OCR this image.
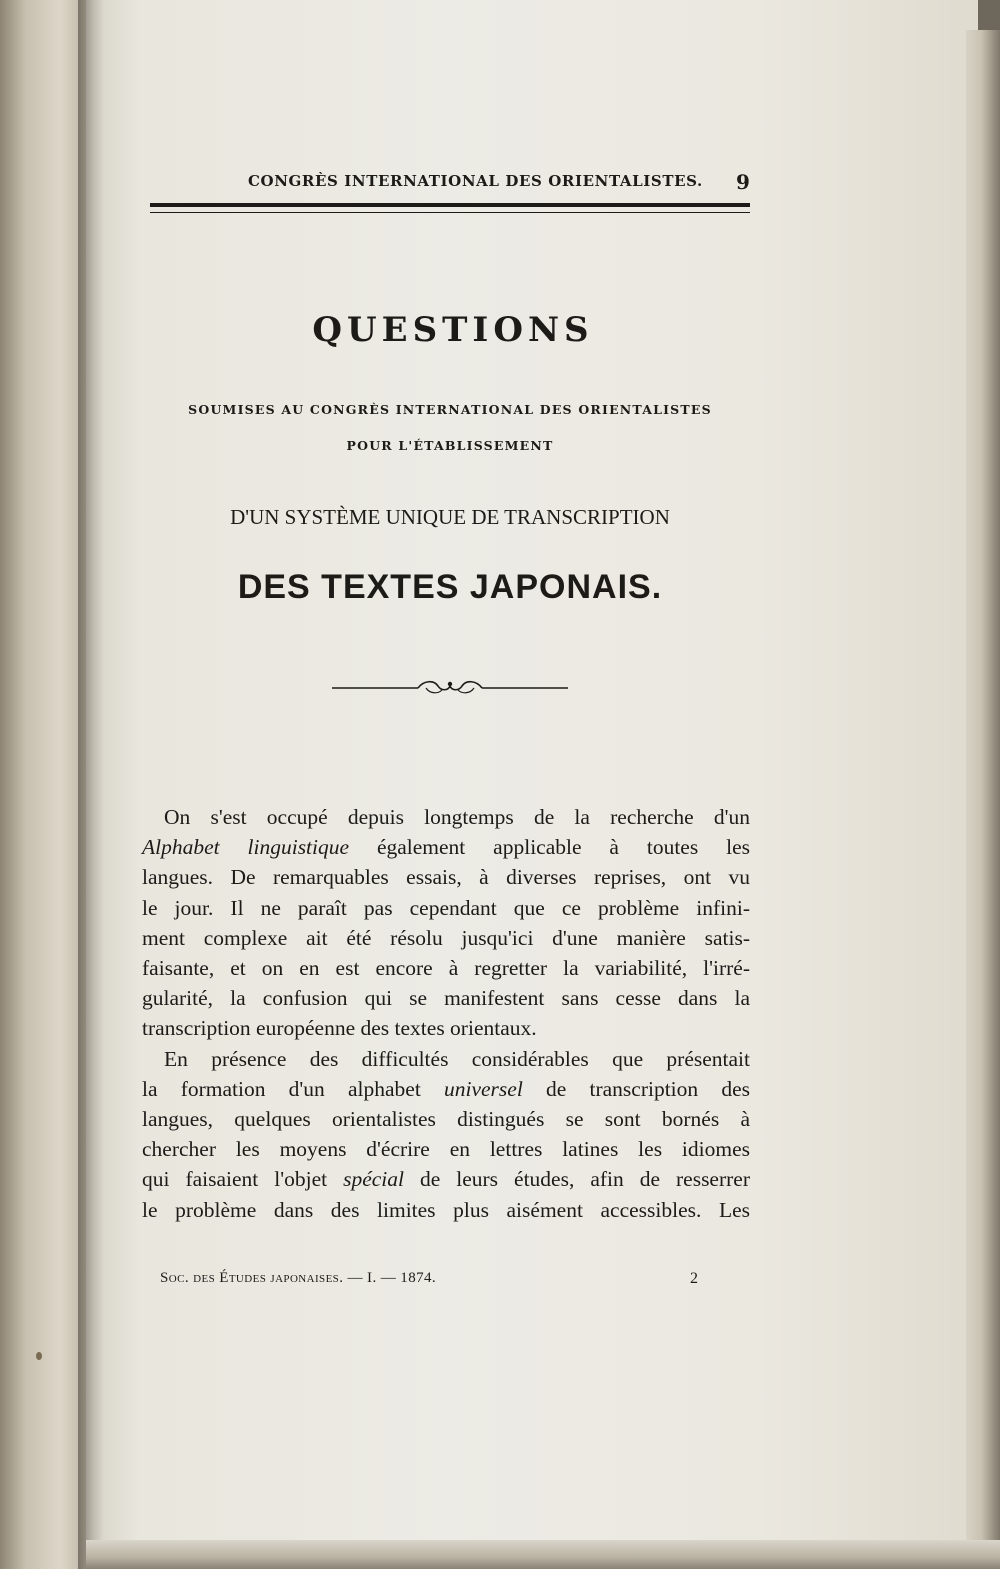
CONGRÈS INTERNATIONAL DES ORIENTALISTES. 9
QUESTIONS
SOUMISES AU CONGRÈS INTERNATIONAL DES ORIENTALISTES
POUR L'ÉTABLISSEMENT
D'UN SYSTÈME UNIQUE DE TRANSCRIPTION
DES TEXTES JAPONAIS.
On s'est occupé depuis longtemps de la recherche d'un
Alphabet linguistique également applicable à toutes les
langues. De remarquables essais, à diverses reprises, ont vu
le jour. Il ne paraît pas cependant que ce problème infini-
ment complexe ait été résolu jusqu'ici d'une manière satis-
faisante, et on en est encore à regretter la variabilité, l'irré-
gularité, la confusion qui se manifestent sans cesse dans la
transcription européenne des textes orientaux.
En présence des difficultés considérables que présentait
la formation d'un alphabet universel de transcription des
langues, quelques orientalistes distingués se sont bornés à
chercher les moyens d'écrire en lettres latines les idiomes
qui faisaient l'objet spécial de leurs études, afin de resserrer
le problème dans des limites plus aisément accessibles. Les
Soc. des Études japonaises. — I. — 1874.	2
